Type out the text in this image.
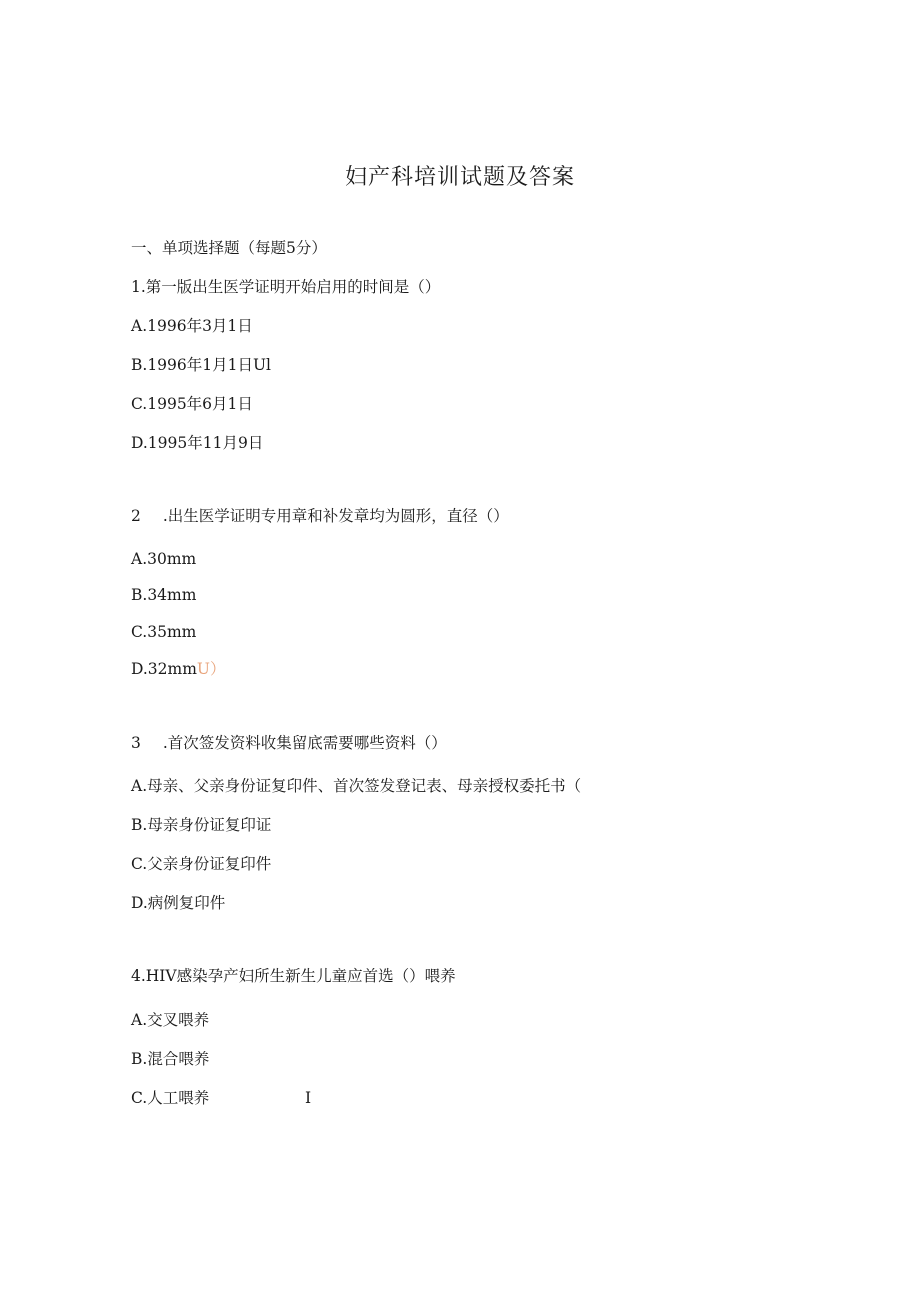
妇产科培训试题及答案
一、单项选择题（每题5分）
1.第一版出生医学证明开始启用的时间是（）
A.1996年3月1日
B.1996年1月1日Ul
C.1995年6月1日
D.1995年11月9日
2 .出生医学证明专用章和补发章均为圆形，直径（）
A.30mm
B.34mm
C.35mm
D.32mmU）
3 .首次签发资料收集留底需要哪些资料（）
A.母亲、父亲身份证复印件、首次签发登记表、母亲授权委托书（
B.母亲身份证复印证
C.父亲身份证复印件
D.病例复印件
4.HIV感染孕产妇所生新生儿童应首选（）喂养
A.交叉喂养
B.混合喂养
C.人工喂养	I
